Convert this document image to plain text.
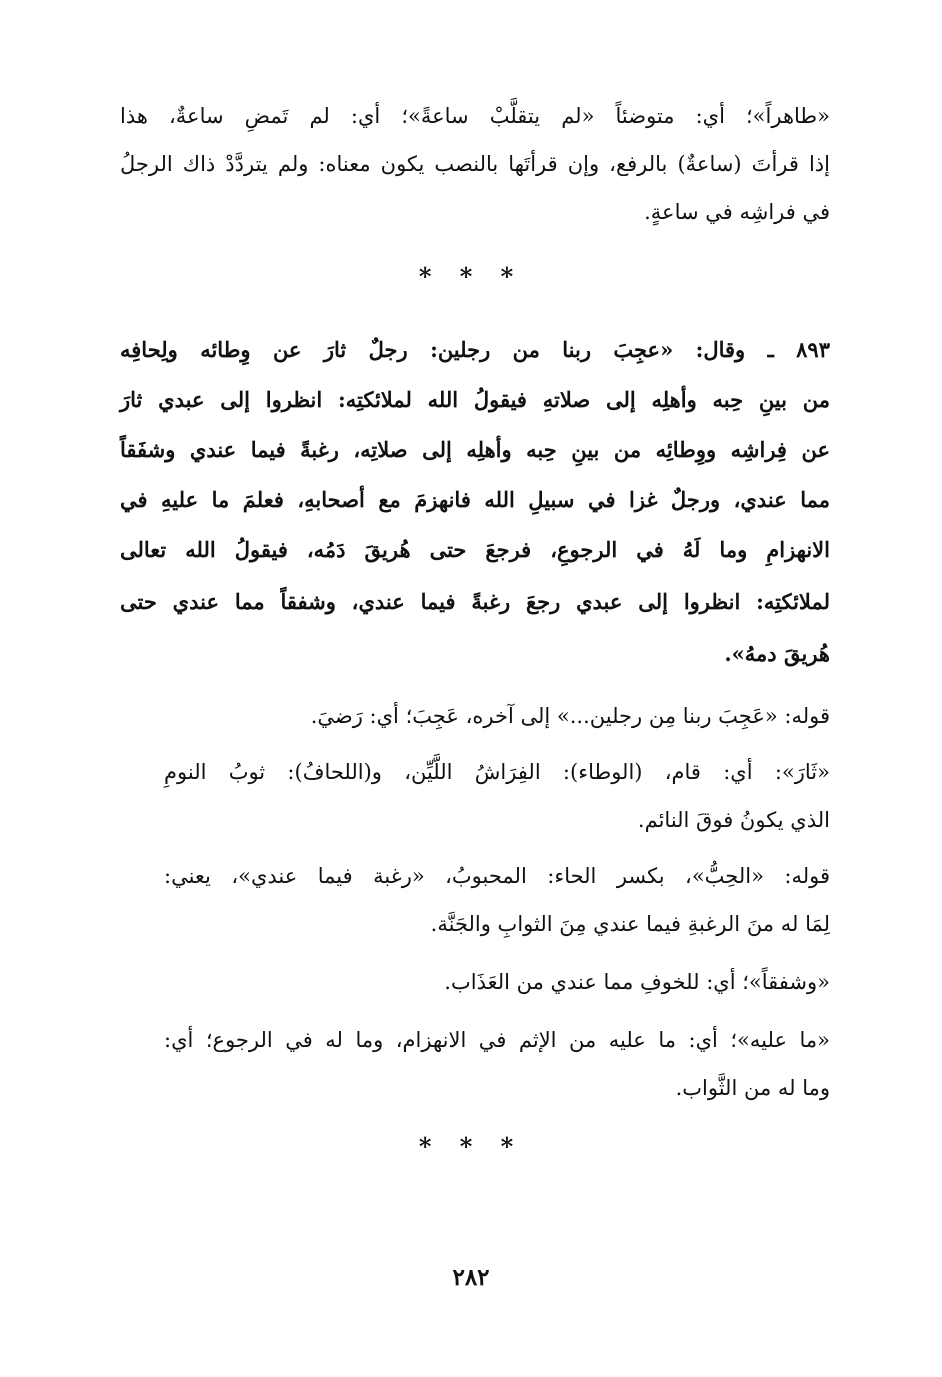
«طاهراً»؛ أي: متوضئاً «لم يتقلَّبْ ساعةً»؛ أي: لم تَمضِ ساعةٌ، هذا
إذا قرأتَ (ساعةٌ) بالرفع، وإن قرأتَها بالنصب يكون معناه: ولم يتردَّدْ ذاك الرجلُ
في فراشِه في ساعةٍ.
* * *
٨٩٣ ـ وقال: «عجِبَ ربنا من رجلين: رجلٌ ثارَ عن وِطائه ولِحافِه
من بينِ حِبه وأهلِه إلى صلاتهِ فيقولُ الله لملائكتِه: انظروا إلى عبدي ثارَ
عن فِراشِه ووِطائِه من بينِ حِبه وأهلِه إلى صلاتِه، رغبةً فيما عندي وشفَقاً
مما عندي، ورجلٌ غزا في سبيلِ الله فانهزمَ مع أصحابهِ، فعلمَ ما عليهِ في
الانهزامِ وما لَهُ في الرجوعِ، فرجعَ حتى هُريقَ دَمُه، فيقولُ الله تعالى
لملائكتِه: انظروا إلى عبدي رجعَ رغبةً فيما عندي، وشفقاً مما عندي حتى
هُريقَ دمهُ».
قوله: «عَجِبَ ربنا مِن رجلين...» إلى آخره، عَجِبَ؛ أي: رَضيَ.
«ثَارَ»: أي: قام، (الوطاء): الفِرَاشُ اللَّيِّن، و(اللحافُ): ثوبُ النومِ
الذي يكونُ فوقَ النائم.
قوله: «الحِبُّ»، بكسر الحاء: المحبوبُ، «رغبة فيما عندي»، يعني:
لِمَا له منَ الرغبةِ فيما عندي مِنَ الثوابِ والجَنَّة.
«وشفقاً»؛ أي: للخوفِ مما عندي من العَذَاب.
«ما عليه»؛ أي: ما عليه من الإثم في الانهزام، وما له في الرجوع؛ أي:
وما له من الثَّواب.
* * *
٢٨٢
